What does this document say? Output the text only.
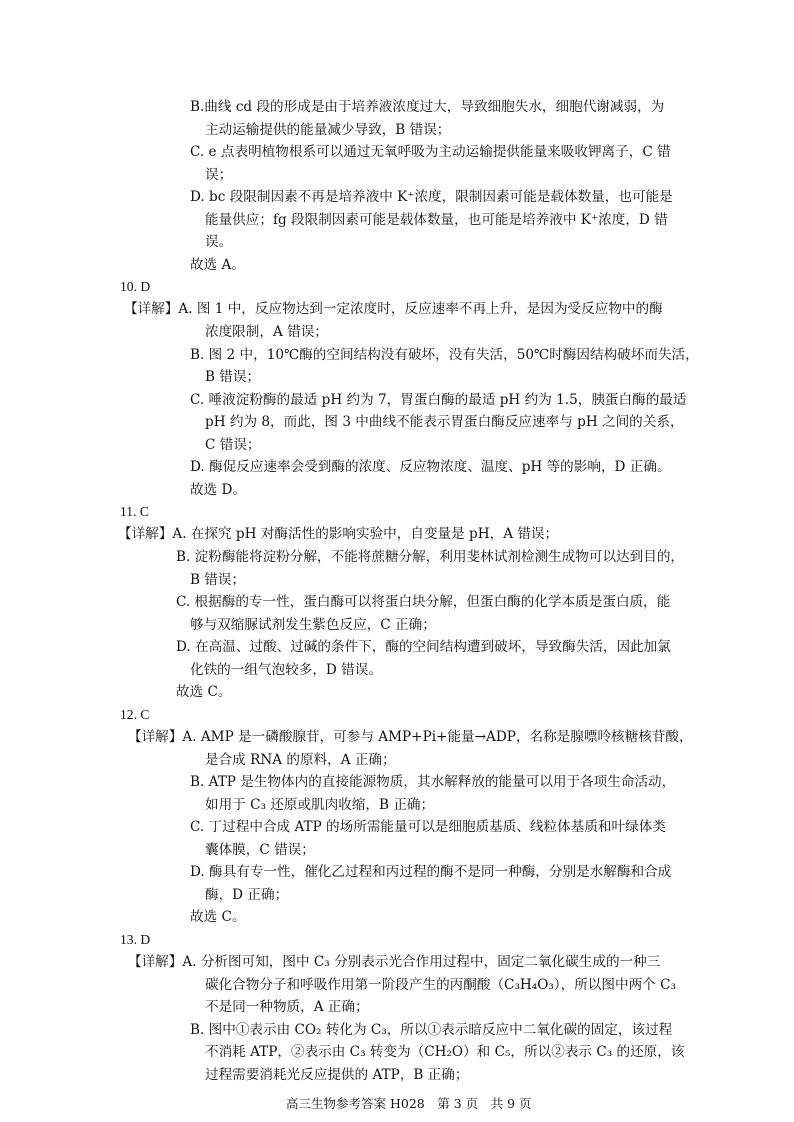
B.曲线 cd 段的形成是由于培养液浓度过大，导致细胞失水，细胞代谢减弱，为
主动运输提供的能量减少导致，B 错误；
C. e 点表明植物根系可以通过无氧呼吸为主动运输提供能量来吸收钾离子，C 错
误；
D. bc 段限制因素不再是培养液中 K⁺浓度，限制因素可能是载体数量，也可能是
能量供应；fg 段限制因素可能是载体数量，也可能是培养液中 K⁺浓度，D 错
误。
故选 A。
10. D
【详解】A. 图 1 中，反应物达到一定浓度时，反应速率不再上升，是因为受反应物中的酶
浓度限制，A 错误；
B. 图 2 中，10℃酶的空间结构没有破坏，没有失活，50℃时酶因结构破坏而失活，
B 错误；
C. 唾液淀粉酶的最适 pH 约为 7，胃蛋白酶的最适 pH 约为 1.5，胰蛋白酶的最适
pH 约为 8，而此，图 3 中曲线不能表示胃蛋白酶反应速率与 pH 之间的关系，
C 错误；
D. 酶促反应速率会受到酶的浓度、反应物浓度、温度、pH 等的影响，D 正确。
故选 D。
11. C
【详解】A. 在探究 pH 对酶活性的影响实验中，自变量是 pH，A 错误；
B. 淀粉酶能将淀粉分解，不能将蔗糖分解，利用斐林试剂检测生成物可以达到目的，
B 错误；
C. 根据酶的专一性，蛋白酶可以将蛋白块分解，但蛋白酶的化学本质是蛋白质，能
够与双缩脲试剂发生紫色反应，C 正确；
D. 在高温、过酸、过碱的条件下，酶的空间结构遭到破坏，导致酶失活，因此加氯
化铁的一组气泡较多，D 错误。
故选 C。
12. C
【详解】A. AMP 是一磷酸腺苷，可参与 AMP+Pi+能量→ADP，名称是腺嘌呤核糖核苷酸，
是合成 RNA 的原料，A 正确；
B. ATP 是生物体内的直接能源物质，其水解释放的能量可以用于各项生命活动，
如用于 C₃ 还原或肌肉收缩，B 正确；
C. 丁过程中合成 ATP 的场所需能量可以是细胞质基质、线粒体基质和叶绿体类
囊体膜，C 错误；
D. 酶具有专一性，催化乙过程和丙过程的酶不是同一种酶，分别是水解酶和合成
酶，D 正确；
故选 C。
13. D
【详解】A. 分析图可知，图中 C₃ 分别表示光合作用过程中，固定二氧化碳生成的一种三
碳化合物分子和呼吸作用第一阶段产生的丙酮酸（C₃H₄O₃），所以图中两个 C₃
不是同一种物质，A 正确；
B. 图中①表示由 CO₂ 转化为 C₃，所以①表示暗反应中二氧化碳的固定，该过程
不消耗 ATP，②表示由 C₃ 转变为（CH₂O）和 C₅，所以②表示 C₃ 的还原，该
过程需要消耗光反应提供的 ATP，B 正确；
高三生物参考答案 H028　第 3 页　共 9 页
